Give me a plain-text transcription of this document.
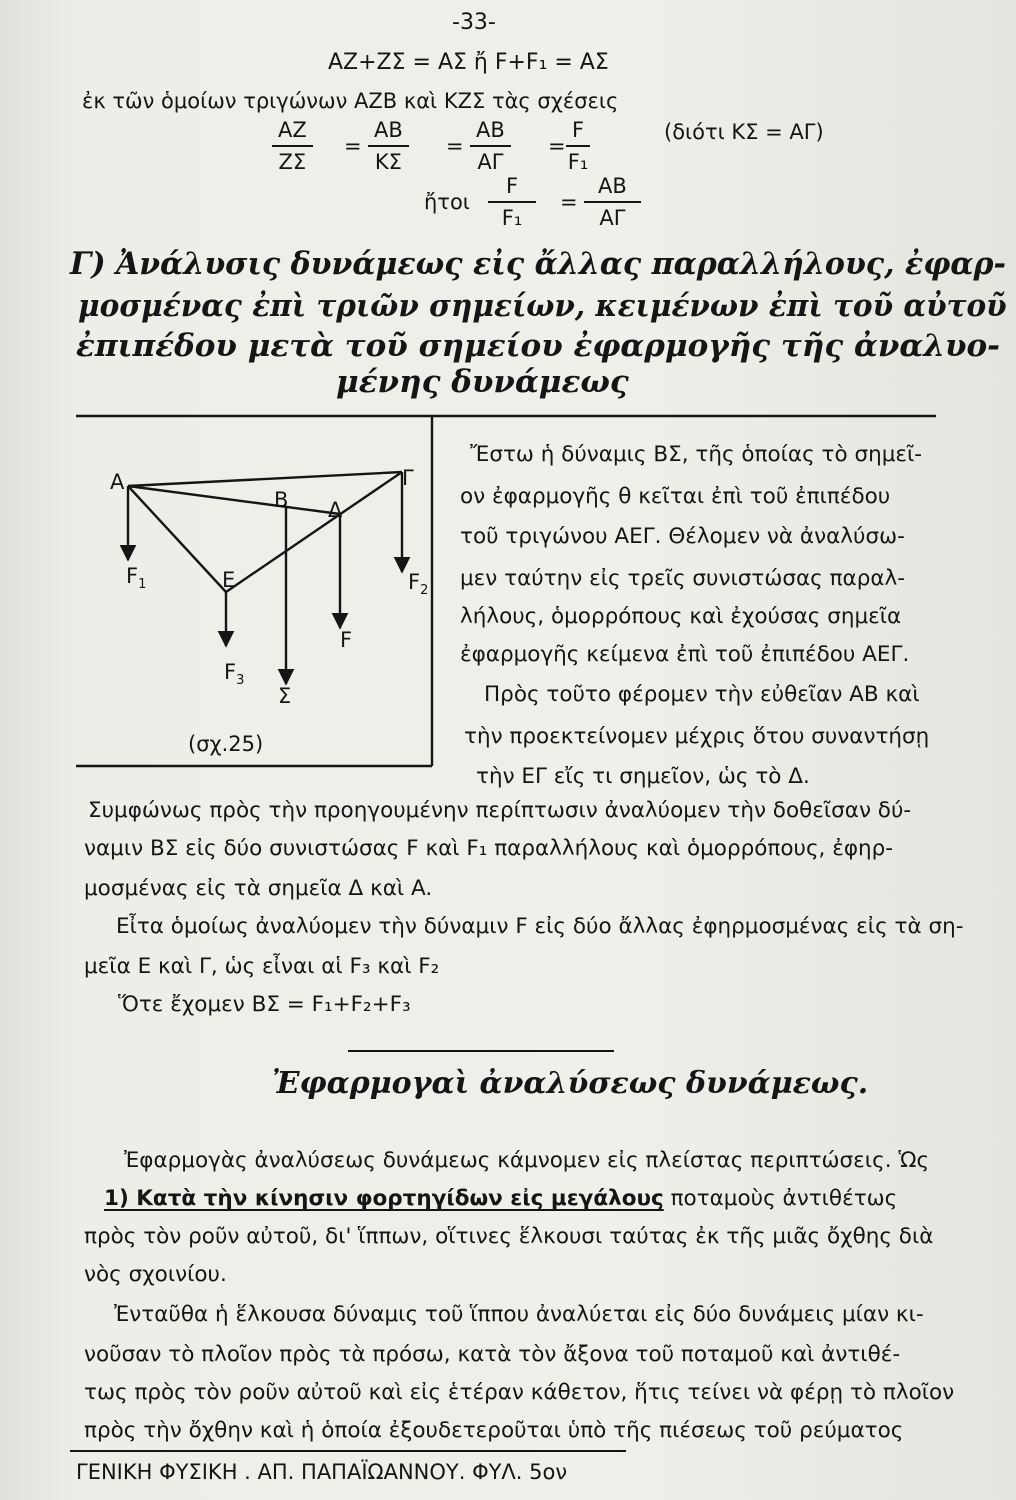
-33-
AZ+ZΣ = AΣ ἤ F+F₁ = AΣ
ἐκ τῶν ὁμοίων τριγώνων AZB καὶ KZΣ τὰς σχέσεις
$\frac{AZ}{Z\Sigma} = \frac{AB}{K\Sigma} = \frac{AB}{A\Gamma} = \frac{F}{\text{F₁}}$	(διότι KΣ = AΓ)
ἤτοι $\frac{F}{\text{F₁}} = \frac{AB}{A\Gamma}$
Γ) Ἀνάλυσις δυνάμεως εἰς ἄλλας παραλλήλους, ἐφαρ-
μοσμένας ἐπὶ τριῶν σημείων, κειμένων ἐπὶ τοῦ αὐτοῦ
ἐπιπέδου μετὰ τοῦ σημείου ἐφαρμογῆς τῆς ἀναλυο-
μένης δυνάμεως
A
B Δ
Γ
E
$F_1$	$F_2$
F
$F_3$
Σ
(σχ.25)
Ἔστω ἡ δύναμις ΒΣ, τῆς ὁποίας τὸ σημεῖ-
ον ἐφαρμογῆς θ κεῖται ἐπὶ τοῦ ἐπιπέδου
τοῦ τριγώνου AEΓ. Θέλομεν νὰ ἀναλύσω-
μεν ταύτην εἰς τρεῖς συνιστώσας παραλ-
λήλους, ὁμορρόπους καὶ ἐχούσας σημεῖα
ἐφαρμογῆς κείμενα ἐπὶ τοῦ ἐπιπέδου AEΓ.
Πρὸς τοῦτο φέρομεν τὴν εὐθεῖαν AB καὶ
τὴν προεκτείνομεν μέχρις ὅτου συναντήσῃ
τὴν EΓ εἴς τι σημεῖον, ὡς τὸ Δ.
Συμφώνως πρὸς τὴν προηγουμένην περίπτωσιν ἀναλύομεν τὴν δοθεῖσαν δύ-
ναμιν ΒΣ εἰς δύο συνιστώσας F καὶ F₁ παραλλήλους καὶ ὁμορρόπους, ἐφηρ-
μοσμένας εἰς τὰ σημεῖα Δ καὶ A.
Εἶτα ὁμοίως ἀναλύομεν τὴν δύναμιν F εἰς δύο ἄλλας ἐφηρμοσμένας εἰς τὰ ση-
μεῖα E καὶ Γ, ὡς εἶναι αἱ F₃ καὶ F₂
Ὅτε ἔχομεν ΒΣ = F₁+F₂+F₃
Ἐφαρμογαὶ ἀναλύσεως δυνάμεως.
Ἐφαρμογὰς ἀναλύσεως δυνάμεως κάμνομεν εἰς πλείστας περιπτώσεις. Ὡς
1) Κατὰ τὴν κίνησιν φορτηγίδων εἰς μεγάλους ποταμοὺς ἀντιθέτως
πρὸς τὸν ροῦν αὐτοῦ, δι' ἵππων, οἵτινες ἕλκουσι ταύτας ἐκ τῆς μιᾶς ὄχθης διὰ
νὸς σχοινίου.
Ἐνταῦθα ἡ ἕλκουσα δύναμις τοῦ ἵππου ἀναλύεται εἰς δύο δυνάμεις μίαν κι-
νοῦσαν τὸ πλοῖον πρὸς τὰ πρόσω, κατὰ τὸν ἄξονα τοῦ ποταμοῦ καὶ ἀντιθέ-
τως πρὸς τὸν ροῦν αὐτοῦ καὶ εἰς ἑτέραν κάθετον, ἥτις τείνει νὰ φέρῃ τὸ πλοῖον
πρὸς τὴν ὄχθην καὶ ἡ ὁποία ἐξουδετεροῦται ὑπὸ τῆς πιέσεως τοῦ ρεύματος
ΓΕΝΙΚΗ ΦΥΣΙΚΗ . ΑΠ. ΠΑΠΑΪΩΑΝΝΟΥ. ΦΥΛ. 5ον
